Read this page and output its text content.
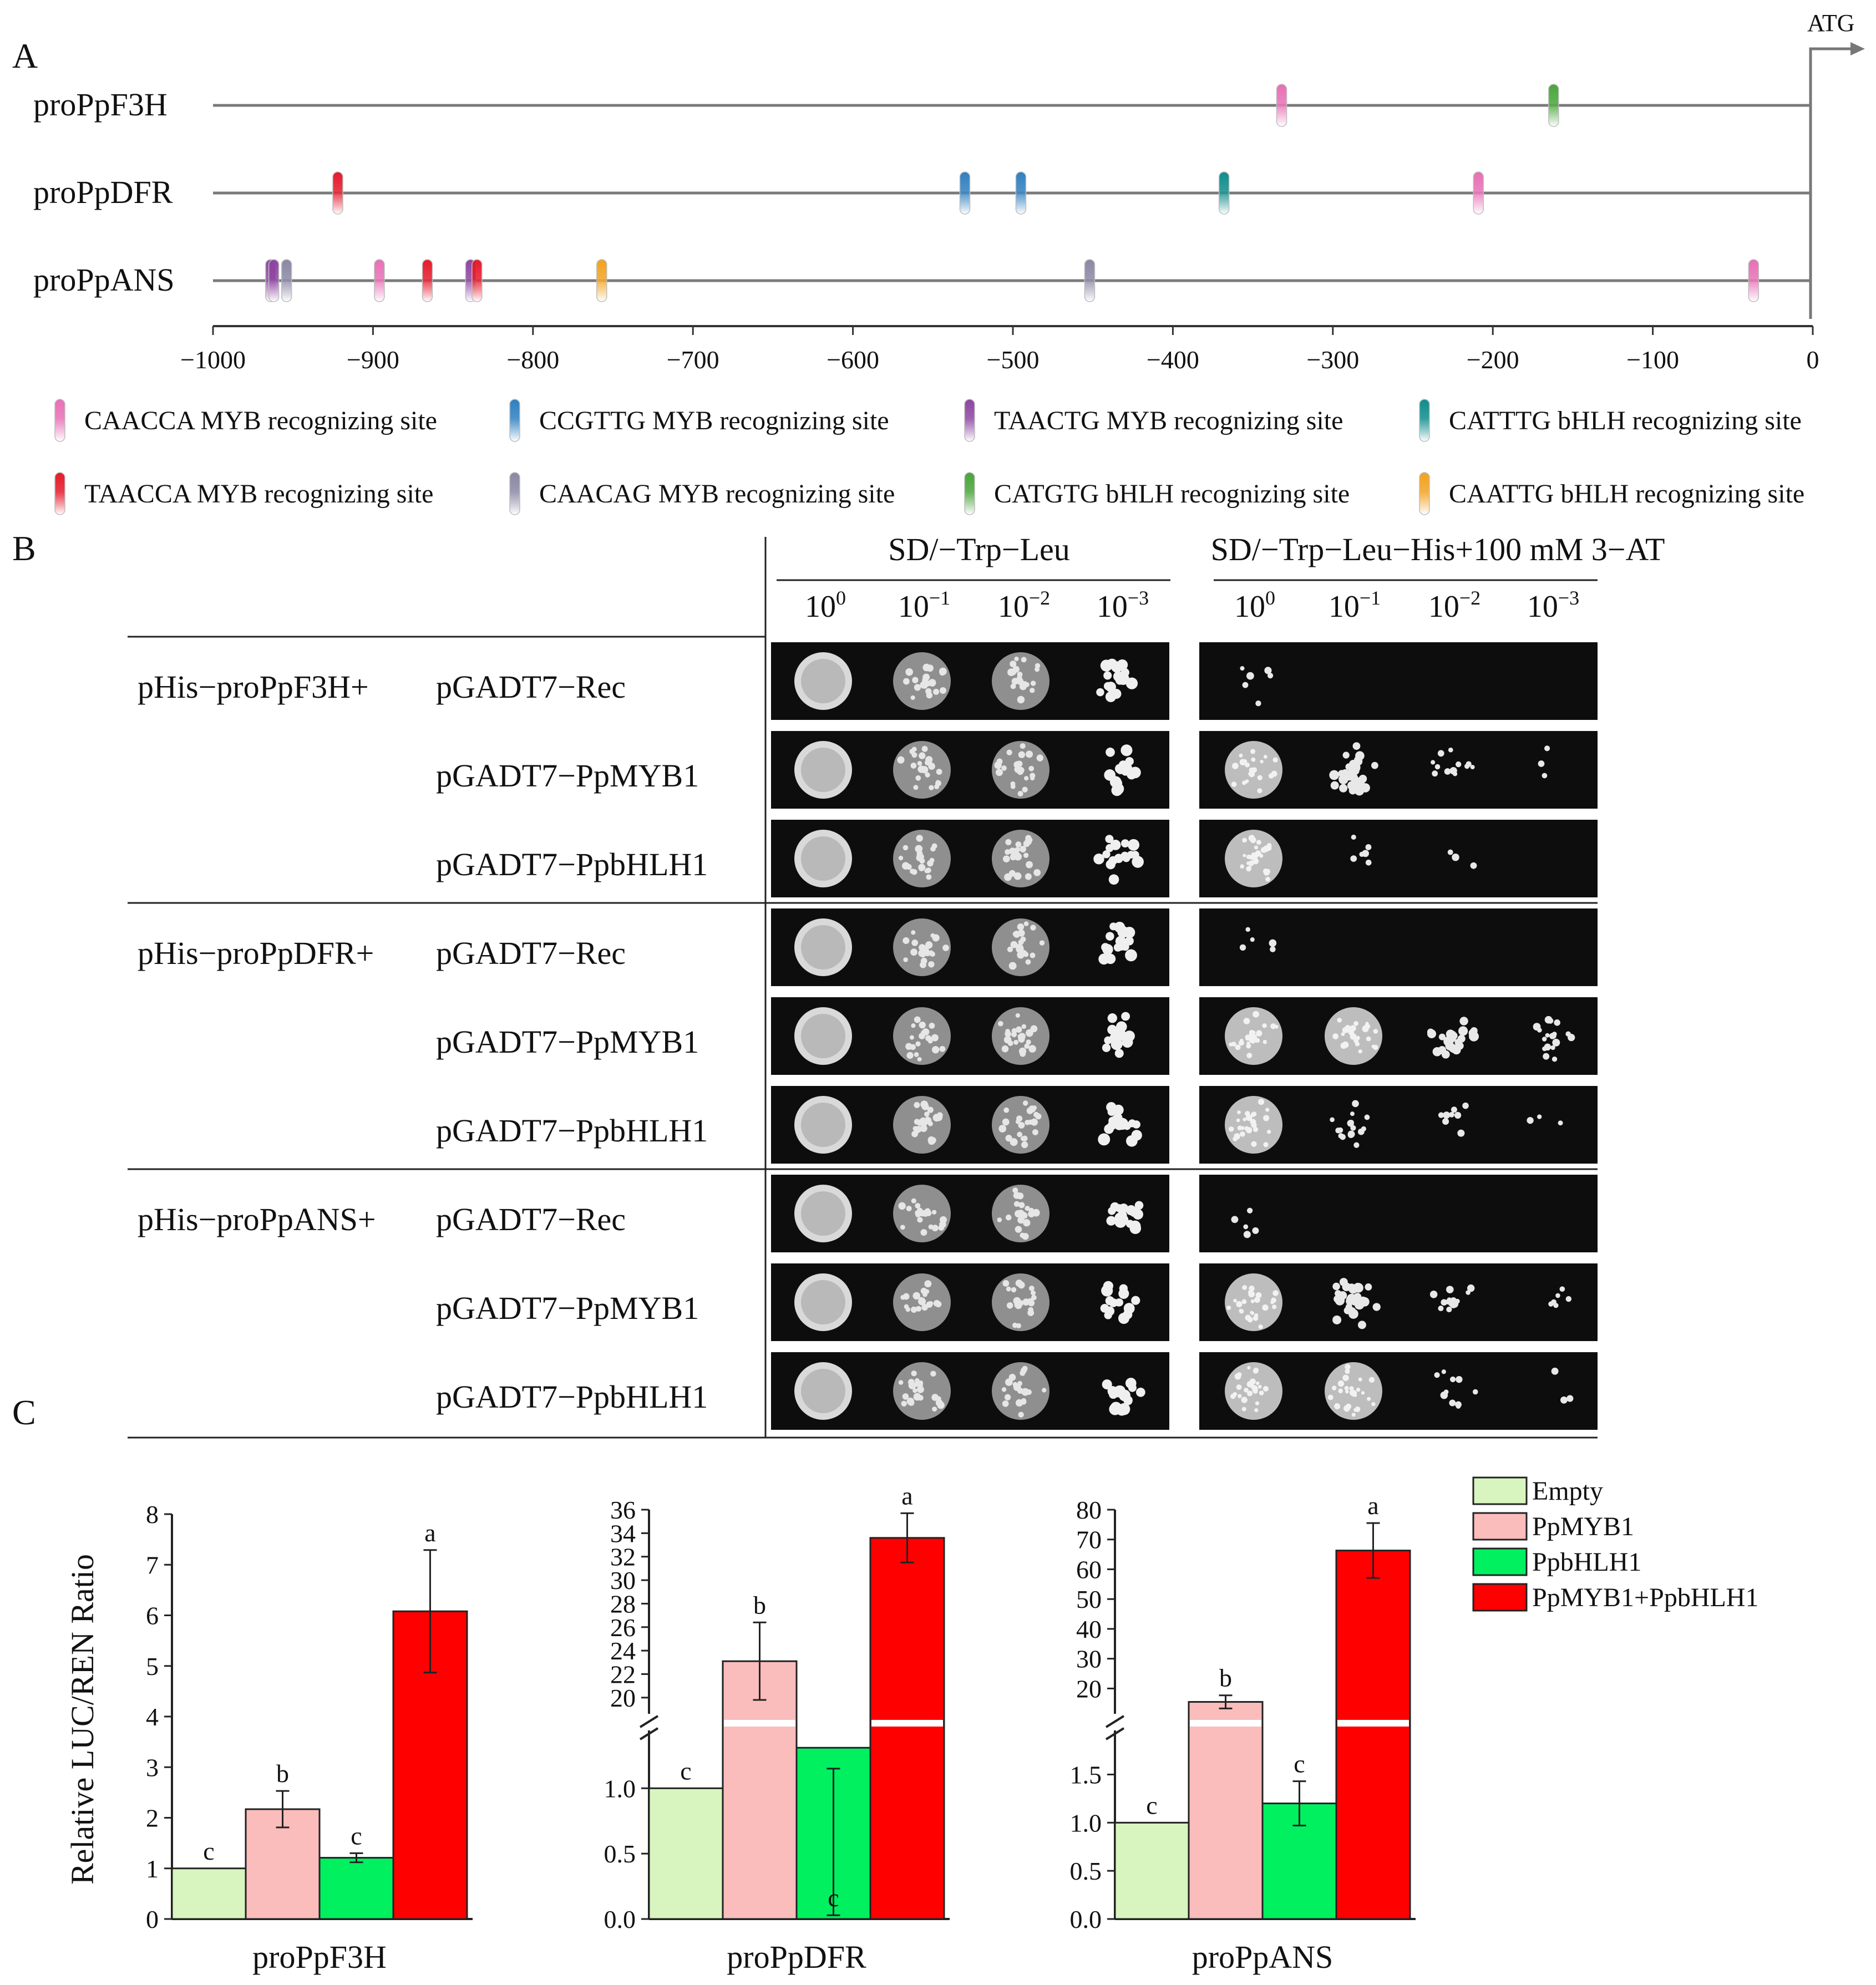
A
ATG
proPpF3H
proPpDFR
proPpANS
−1000	−900	−800	−700	−600	−500	−400	−300	−200	−100	0
CAACCA MYB recognizing site	CCGTTG MYB recognizing site	TAACTG MYB recognizing site	CATTTG bHLH recognizing site
TAACCA MYB recognizing site	CAACAG MYB recognizing site	CATGTG bHLH recognizing site	CAATTG bHLH recognizing site
B	SD/−Trp−Leu	SD/−Trp−Leu−His+100 mM 3−AT
$10^0$ $10^{-1}$ $10^{-2}$ $10^{-3}$	$10^0$ $10^{-1}$ $10^{-2}$ $10^{-3}$
pHis−proPpF3H+ pGADT7−Rec
pGADT7−PpMYB1
pGADT7−PpbHLH1
pHis−proPpDFR+ pGADT7−Rec
pGADT7−PpMYB1
pGADT7−PpbHLH1
pHis−proPpANS+ pGADT7−Rec
pGADT7−PpMYB1
pGADT7−PpbHLH1
C
Relative LUC/REN Ratio
0
1
2
3
4
5
6
7
8
c
b
c
a
proPpF3H
0.0
0.5
1.0
20
22
24
26
28
30
32
34
36
c
b
c
a
proPpDFR
0.0
0.5
1.0
1.5
20
30
40
50
60
70
80
c
b
c
a
proPpANS
Empty
PpMYB1
PpbHLH1
PpMYB1+PpbHLH1
